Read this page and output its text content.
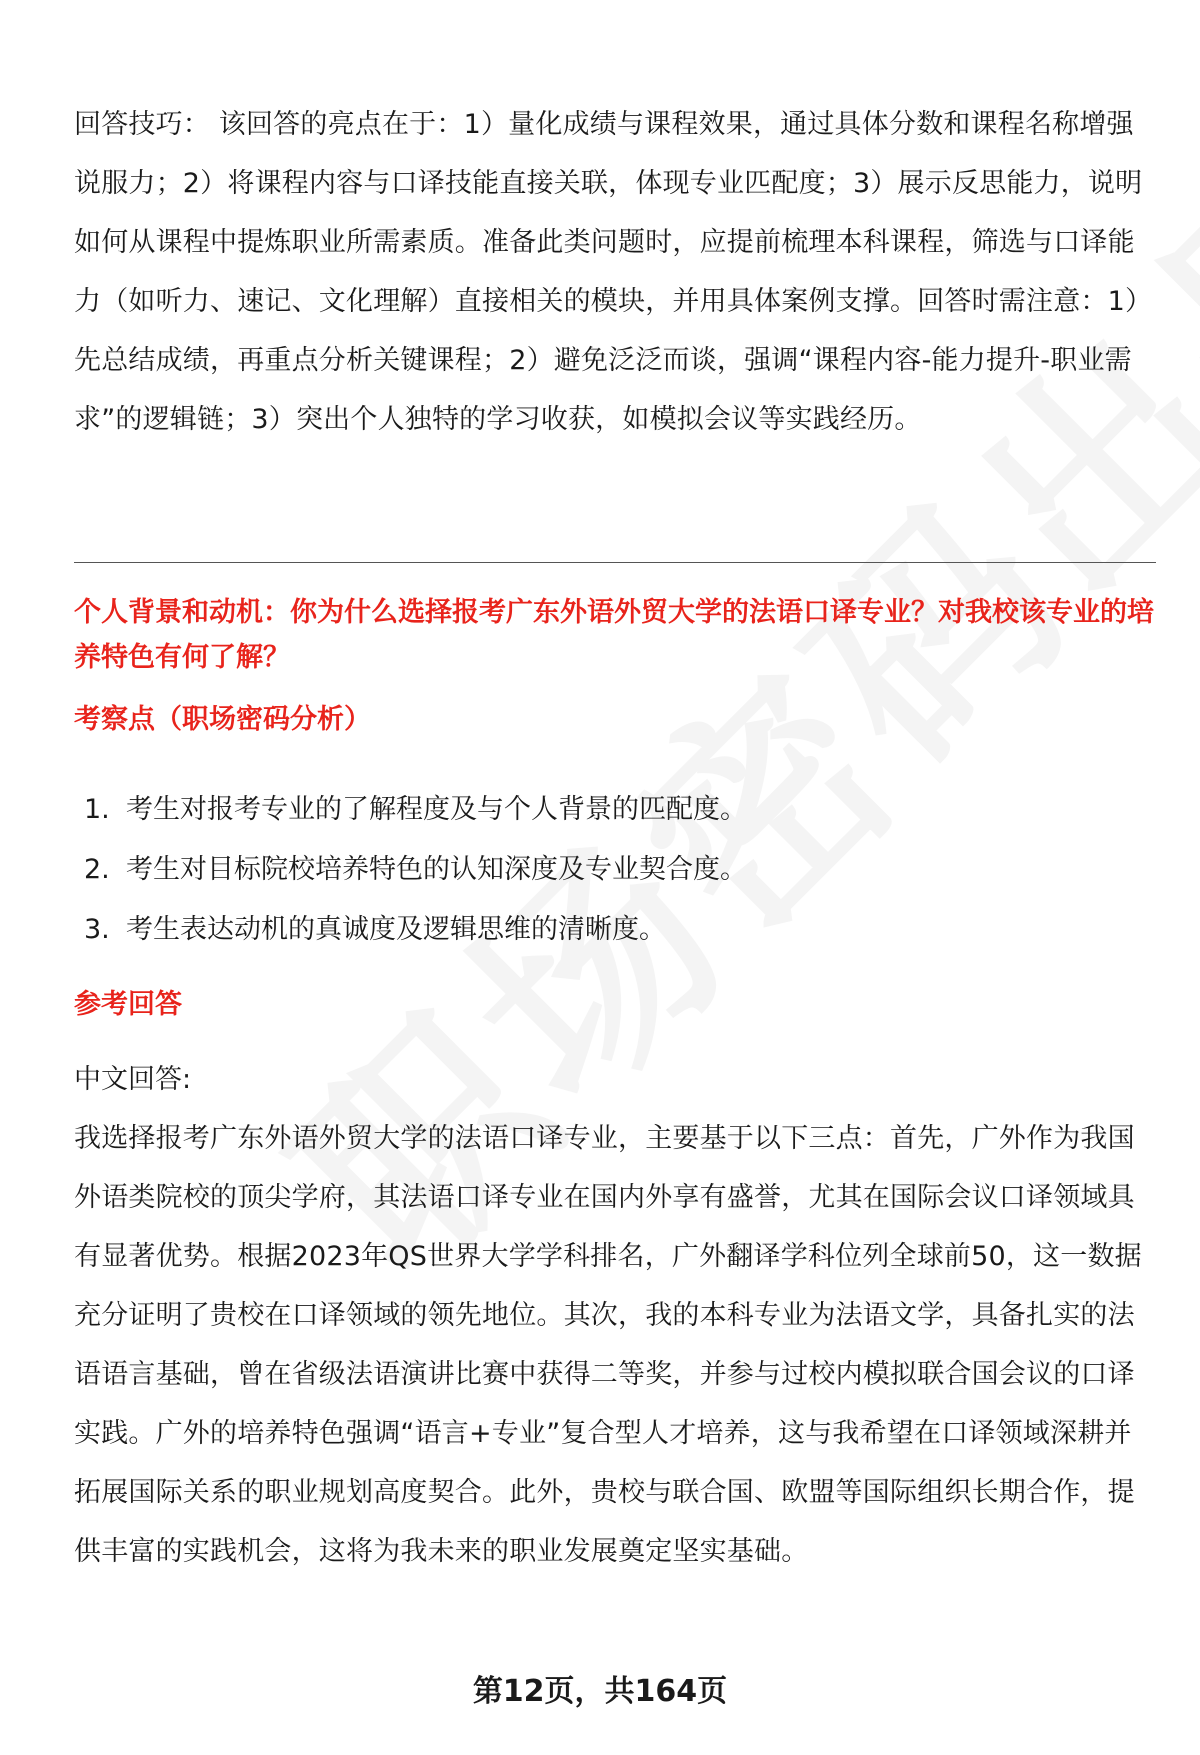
回答技巧： 该回答的亮点在于：1）量化成绩与课程效果，通过具体分数和课程名称增强说服力；2）将课程内容与口译技能直接关联，体现专业匹配度；3）展示反思能力，说明如何从课程中提炼职业所需素质。准备此类问题时，应提前梳理本科课程，筛选与口译能力（如听力、速记、文化理解）直接相关的模块，并用具体案例支撑。回答时需注意：1）先总结成绩，再重点分析关键课程；2）避免泛泛而谈，强调“课程内容-能力提升-职业需求”的逻辑链；3）突出个人独特的学习收获，如模拟会议等实践经历。

个人背景和动机：你为什么选择报考广东外语外贸大学的法语口译专业？对我校该专业的培养特色有何了解？

考察点（职场密码分析）

1. 考生对报考专业的了解程度及与个人背景的匹配度。
2. 考生对目标院校培养特色的认知深度及专业契合度。
3. 考生表达动机的真诚度及逻辑思维的清晰度。

参考回答

中文回答:

我选择报考广东外语外贸大学的法语口译专业，主要基于以下三点：首先，广外作为我国外语类院校的顶尖学府，其法语口译专业在国内外享有盛誉，尤其在国际会议口译领域具有显著优势。根据2023年QS世界大学学科排名，广外翻译学科位列全球前50，这一数据充分证明了贵校在口译领域的领先地位。其次，我的本科专业为法语文学，具备扎实的法语语言基础，曾在省级法语演讲比赛中获得二等奖，并参与过校内模拟联合国会议的口译实践。广外的培养特色强调“语言+专业”复合型人才培养，这与我希望在口译领域深耕并拓展国际关系的职业规划高度契合。此外，贵校与联合国、欧盟等国际组织长期合作，提供丰富的实践机会，这将为我未来的职业发展奠定坚实基础。

第12页，共164页
